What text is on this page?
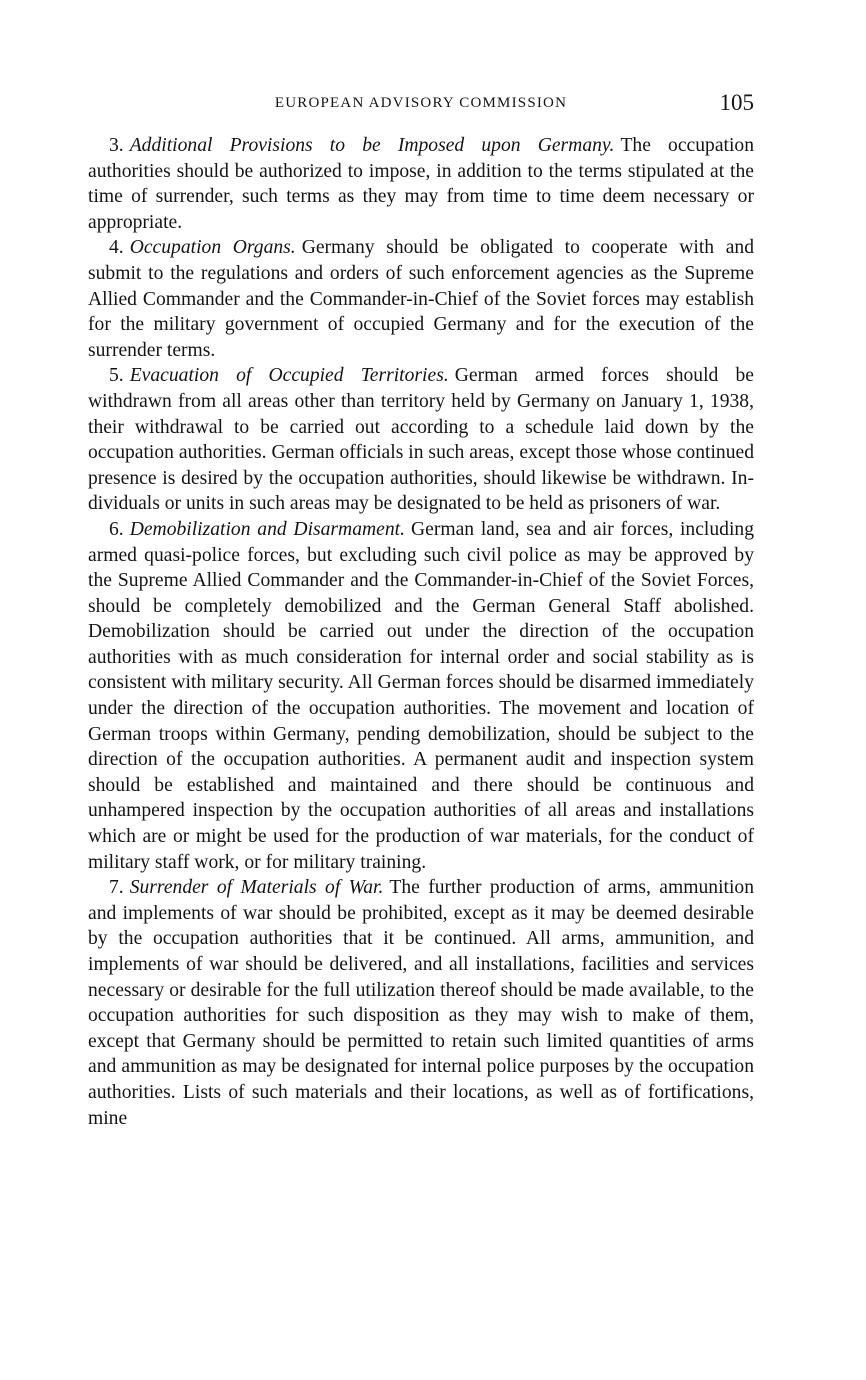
EUROPEAN ADVISORY COMMISSION	105

3. Additional Provisions to be Imposed upon Germany. The occupation authorities should be authorized to impose, in addition to the terms stipulated at the time of surrender, such terms as they may from time to time deem necessary or appropriate.

4. Occupation Organs. Germany should be obligated to cooperate with and submit to the regulations and orders of such enforcement agencies as the Supreme Allied Commander and the Commander-in-Chief of the Soviet forces may establish for the military government of occupied Germany and for the execution of the surrender terms.

5. Evacuation of Occupied Territories. German armed forces should be withdrawn from all areas other than territory held by Germany on January 1, 1938, their withdrawal to be carried out according to a schedule laid down by the occupation authorities. German officials in such areas, except those whose continued presence is desired by the occupation authorities, should likewise be withdrawn. Individuals or units in such areas may be designated to be held as prisoners of war.

6. Demobilization and Disarmament. German land, sea and air forces, including armed quasi-police forces, but excluding such civil police as may be approved by the Supreme Allied Commander and the Commander-in-Chief of the Soviet Forces, should be completely demobilized and the German General Staff abolished. Demobilization should be carried out under the direction of the occupation authorities with as much consideration for internal order and social stability as is consistent with military security. All German forces should be disarmed immediately under the direction of the occupation authorities. The movement and location of German troops within Germany, pending demobilization, should be subject to the direction of the occupation authorities. A permanent audit and inspection system should be established and maintained and there should be continuous and unhampered inspection by the occupation authorities of all areas and installations which are or might be used for the production of war materials, for the conduct of military staff work, or for military training.

7. Surrender of Materials of War. The further production of arms, ammunition and implements of war should be prohibited, except as it may be deemed desirable by the occupation authorities that it be continued. All arms, ammunition, and implements of war should be delivered, and all installations, facilities and services necessary or desirable for the full utilization thereof should be made available, to the occupation authorities for such disposition as they may wish to make of them, except that Germany should be permitted to retain such limited quantities of arms and ammunition as may be designated for internal police purposes by the occupation authorities. Lists of such materials and their locations, as well as of fortifications, mine
